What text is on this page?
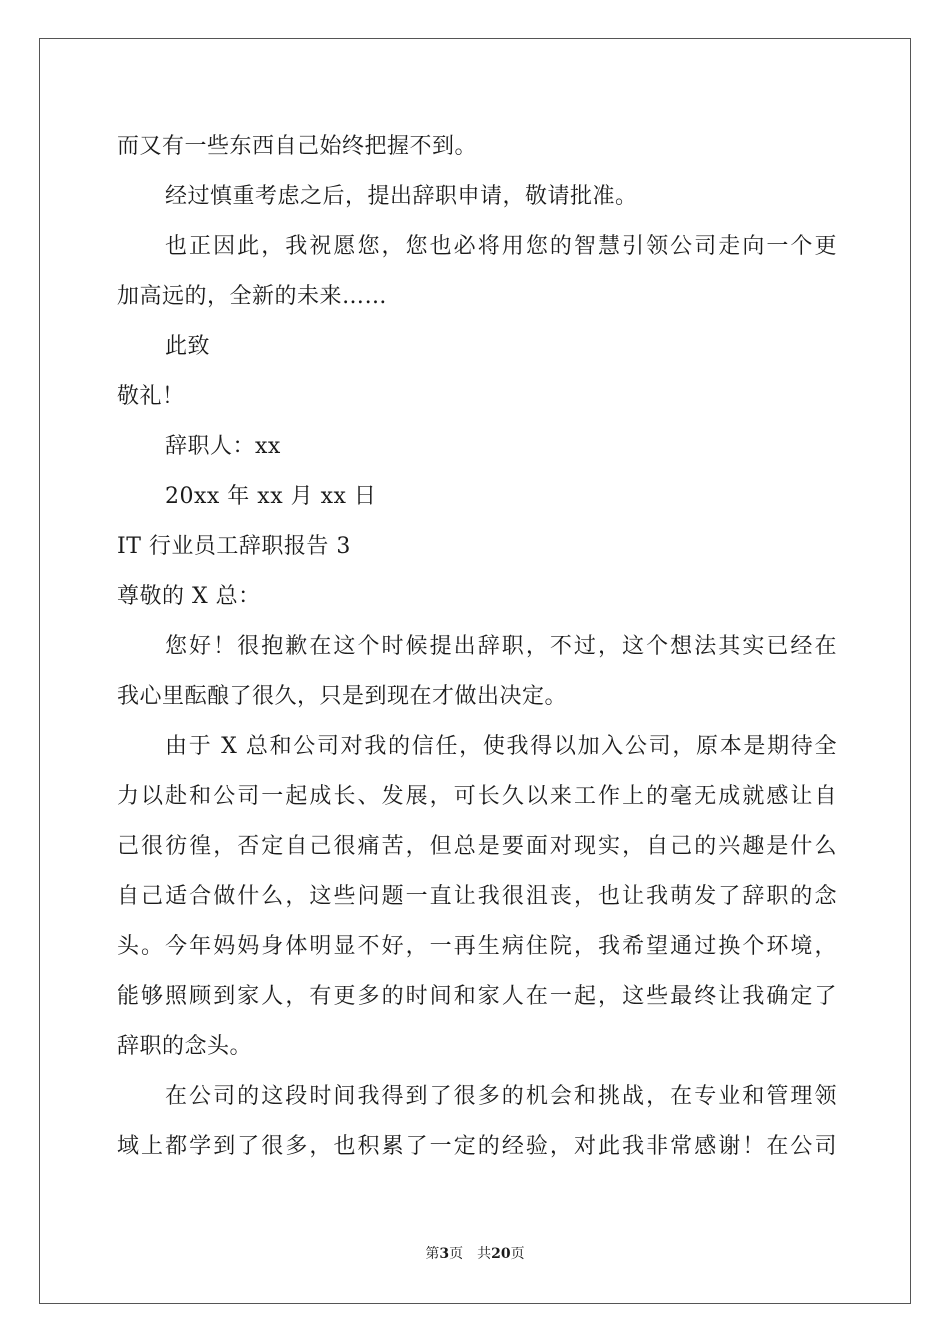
而又有一些东西自己始终把握不到。
经过慎重考虑之后，提出辞职申请，敬请批准。
也正因此，我祝愿您，您也必将用您的智慧引领公司走向一个更
加高远的，全新的未来……
此致
敬礼！
辞职人：xx
20xx 年 xx 月 xx 日
IT 行业员工辞职报告 3
尊敬的 X 总：
您好！很抱歉在这个时候提出辞职，不过，这个想法其实已经在
我心里酝酿了很久，只是到现在才做出决定。
由于 X 总和公司对我的信任，使我得以加入公司，原本是期待全
力以赴和公司一起成长、发展，可长久以来工作上的毫无成就感让自
己很彷徨，否定自己很痛苦，但总是要面对现实，自己的兴趣是什么
自己适合做什么，这些问题一直让我很沮丧，也让我萌发了辞职的念
头。今年妈妈身体明显不好，一再生病住院，我希望通过换个环境，
能够照顾到家人，有更多的时间和家人在一起，这些最终让我确定了
辞职的念头。
在公司的这段时间我得到了很多的机会和挑战，在专业和管理领
域上都学到了很多，也积累了一定的经验，对此我非常感谢！在公司
第3页 共20页
